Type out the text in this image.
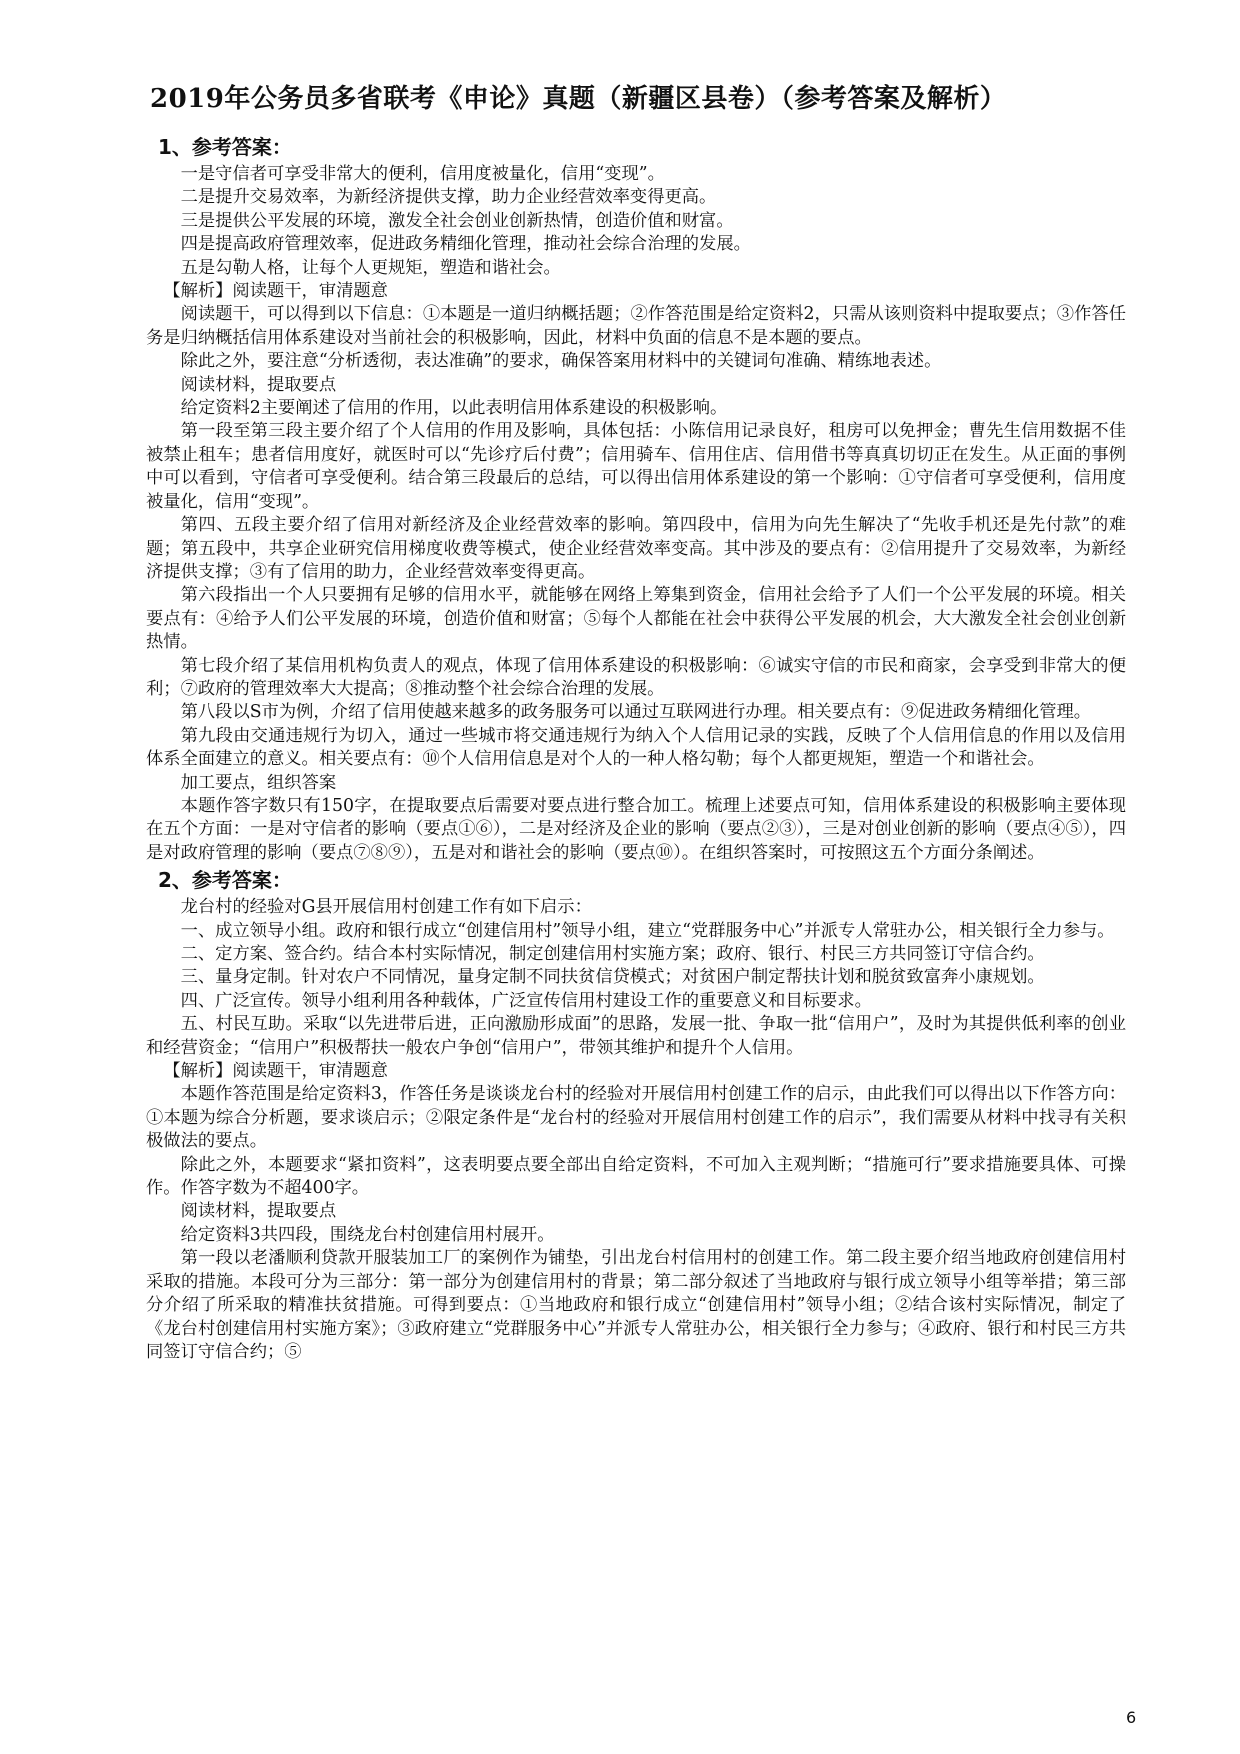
2019年公务员多省联考《申论》真题（新疆区县卷）（参考答案及解析）
1、参考答案：

一是守信者可享受非常大的便利，信用度被量化，信用“变现”。

二是提升交易效率，为新经济提供支撑，助力企业经营效率变得更高。

三是提供公平发展的环境，激发全社会创业创新热情，创造价值和财富。

四是提高政府管理效率，促进政务精细化管理，推动社会综合治理的发展。

五是勾勒人格，让每个人更规矩，塑造和谐社会。

【解析】阅读题干，审清题意

阅读题干，可以得到以下信息：①本题是一道归纳概括题；②作答范围是给定资料2，只需从该则资料中提取要点；③作答任务是归纳概括信用体系建设对当前社会的积极影响，因此，材料中负面的信息不是本题的要点。

除此之外，要注意“分析透彻，表达准确”的要求，确保答案用材料中的关键词句准确、精练地表述。

阅读材料，提取要点

给定资料2主要阐述了信用的作用，以此表明信用体系建设的积极影响。

第一段至第三段主要介绍了个人信用的作用及影响，具体包括：小陈信用记录良好，租房可以免押金；曹先生信用数据不佳被禁止租车；患者信用度好，就医时可以“先诊疗后付费”；信用骑车、信用住店、信用借书等真真切切正在发生。从正面的事例中可以看到，守信者可享受便利。结合第三段最后的总结，可以得出信用体系建设的第一个影响：①守信者可享受便利，信用度被量化，信用“变现”。

第四、五段主要介绍了信用对新经济及企业经营效率的影响。第四段中，信用为向先生解决了“先收手机还是先付款”的难题；第五段中，共享企业研究信用梯度收费等模式，使企业经营效率变高。其中涉及的要点有：②信用提升了交易效率，为新经济提供支撑；③有了信用的助力，企业经营效率变得更高。

第六段指出一个人只要拥有足够的信用水平，就能够在网络上筹集到资金，信用社会给予了人们一个公平发展的环境。相关要点有：④给予人们公平发展的环境，创造价值和财富；⑤每个人都能在社会中获得公平发展的机会，大大激发全社会创业创新热情。

第七段介绍了某信用机构负责人的观点，体现了信用体系建设的积极影响：⑥诚实守信的市民和商家，会享受到非常大的便利；⑦政府的管理效率大大提高；⑧推动整个社会综合治理的发展。

第八段以S市为例，介绍了信用使越来越多的政务服务可以通过互联网进行办理。相关要点有：⑨促进政务精细化管理。

第九段由交通违规行为切入，通过一些城市将交通违规行为纳入个人信用记录的实践，反映了个人信用信息的作用以及信用体系全面建立的意义。相关要点有：⑩个人信用信息是对个人的一种人格勾勒；每个人都更规矩，塑造一个和谐社会。

加工要点，组织答案

本题作答字数只有150字，在提取要点后需要对要点进行整合加工。梳理上述要点可知，信用体系建设的积极影响主要体现在五个方面：一是对守信者的影响（要点①⑥），二是对经济及企业的影响（要点②③），三是对创业创新的影响（要点④⑤），四是对政府管理的影响（要点⑦⑧⑨），五是对和谐社会的影响（要点⑩）。在组织答案时，可按照这五个方面分条阐述。

2、参考答案：

龙台村的经验对G县开展信用村创建工作有如下启示：

一、成立领导小组。政府和银行成立“创建信用村”领导小组，建立“党群服务中心”并派专人常驻办公，相关银行全力参与。

二、定方案、签合约。结合本村实际情况，制定创建信用村实施方案；政府、银行、村民三方共同签订守信合约。

三、量身定制。针对农户不同情况，量身定制不同扶贫信贷模式；对贫困户制定帮扶计划和脱贫致富奔小康规划。

四、广泛宣传。领导小组利用各种载体，广泛宣传信用村建设工作的重要意义和目标要求。

五、村民互助。采取“以先进带后进，正向激励形成面”的思路，发展一批、争取一批“信用户”，及时为其提供低利率的创业和经营资金；“信用户”积极帮扶一般农户争创“信用户”，带领其维护和提升个人信用。

【解析】阅读题干，审清题意

本题作答范围是给定资料3，作答任务是谈谈龙台村的经验对开展信用村创建工作的启示，由此我们可以得出以下作答方向：①本题为综合分析题，要求谈启示；②限定条件是“龙台村的经验对开展信用村创建工作的启示”，我们需要从材料中找寻有关积极做法的要点。

除此之外，本题要求“紧扣资料”，这表明要点要全部出自给定资料，不可加入主观判断；“措施可行”要求措施要具体、可操作。作答字数为不超400字。

阅读材料，提取要点

给定资料3共四段，围绕龙台村创建信用村展开。

第一段以老潘顺利贷款开服装加工厂的案例作为铺垫，引出龙台村信用村的创建工作。第二段主要介绍当地政府创建信用村采取的措施。本段可分为三部分：第一部分为创建信用村的背景；第二部分叙述了当地政府与银行成立领导小组等举措；第三部分介绍了所采取的精准扶贫措施。可得到要点：①当地政府和银行成立“创建信用村”领导小组；②结合该村实际情况，制定了《龙台村创建信用村实施方案》；③政府建立“党群服务中心”并派专人常驻办公，相关银行全力参与；④政府、银行和村民三方共同签订守信合约；⑤

6
